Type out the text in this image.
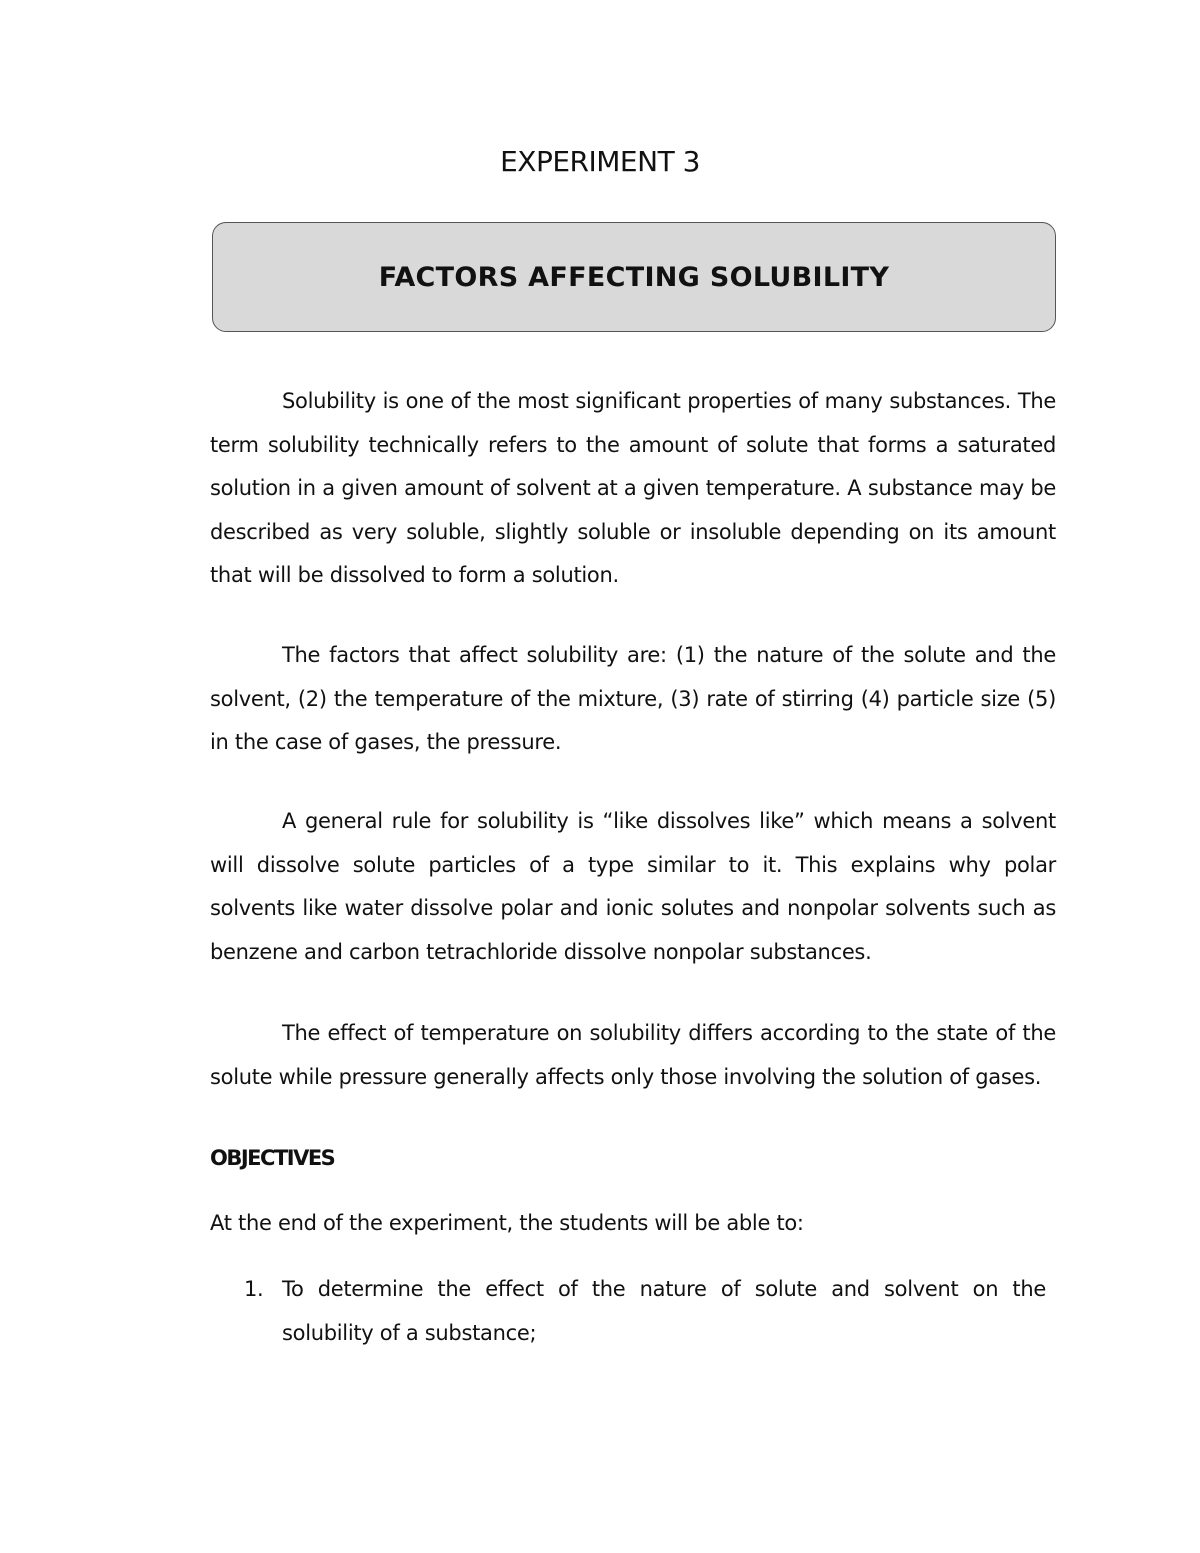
EXPERIMENT 3
FACTORS AFFECTING SOLUBILITY

Solubility is one of the most significant properties of many substances. The term solubility technically refers to the amount of solute that forms a saturated solution in a given amount of solvent at a given temperature. A substance may be described as very soluble, slightly soluble or insoluble depending on its amount that will be dissolved to form a solution.

The factors that affect solubility are: (1) the nature of the solute and the solvent, (2) the temperature of the mixture, (3) rate of stirring (4) particle size (5) in the case of gases, the pressure.

A general rule for solubility is “like dissolves like” which means a solvent will dissolve solute particles of a type similar to it. This explains why polar solvents like water dissolve polar and ionic solutes and nonpolar solvents such as benzene and carbon tetrachloride dissolve nonpolar substances.

The effect of temperature on solubility differs according to the state of the solute while pressure generally affects only those involving the solution of gases.

OBJECTIVES

At the end of the experiment, the students will be able to:

1. To determine the effect of the nature of solute and solvent on the solubility of a substance;
